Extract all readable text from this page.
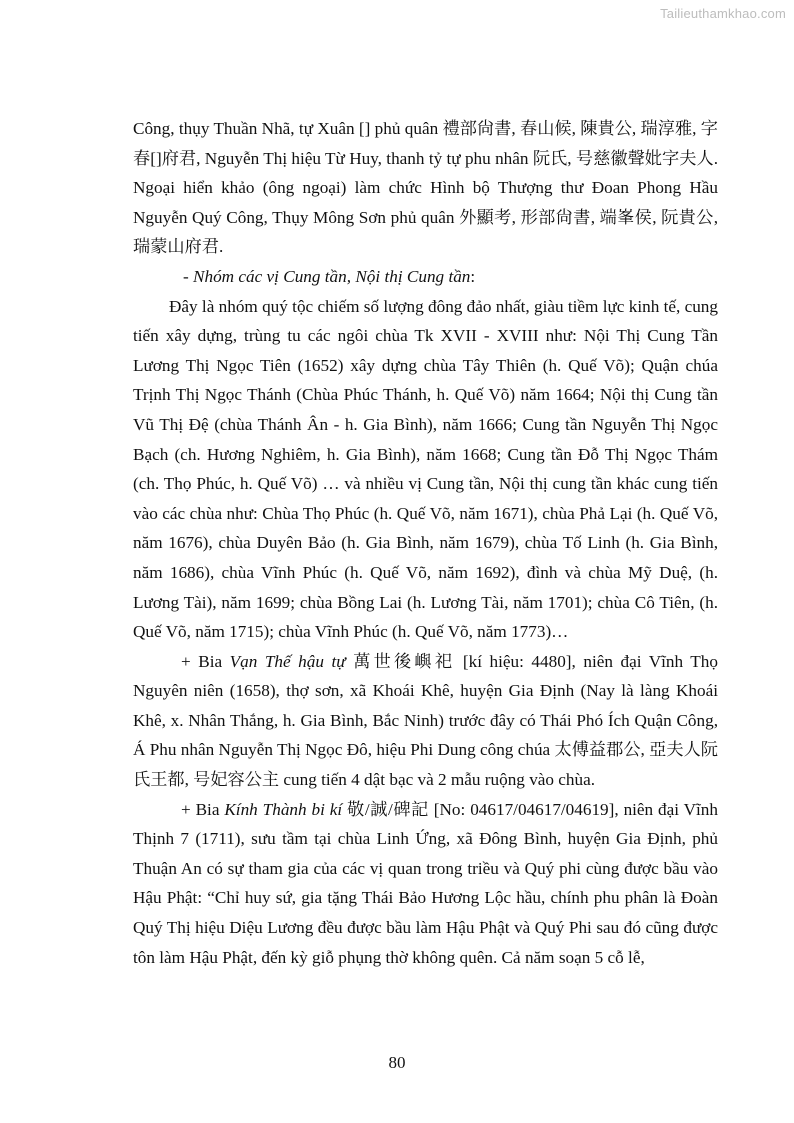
Tailieuthamkhao.com

Công, thụy Thuần Nhã, tự Xuân [] phủ quân 禮部尙書, 春山候, 陳貴公, 瑞淳雅, 字春[]府君, Nguyễn Thị hiệu Từ Huy, thanh tỷ tự phu nhân 阮氏, 号慈徽聲妣字夫人. Ngoại hiển khảo (ông ngoại) làm chức Hình bộ Thượng thư Đoan Phong Hầu Nguyễn Quý Công, Thụy Mông Sơn phủ quân 外顯考, 形部尙書, 端峯侯, 阮貴公, 瑞蒙山府君.

- Nhóm các vị Cung tần, Nội thị Cung tần:

Đây là nhóm quý tộc chiếm số lượng đông đảo nhất, giàu tiềm lực kinh tế, cung tiến xây dựng, trùng tu các ngôi chùa Tk XVII - XVIII như: Nội Thị Cung Tần Lương Thị Ngọc Tiên (1652) xây dựng chùa Tây Thiên (h. Quế Võ); Quận chúa Trịnh Thị Ngọc Thánh (Chùa Phúc Thánh, h. Quế Võ) năm 1664; Nội thị Cung tần Vũ Thị Đệ (chùa Thánh Ân - h. Gia Bình), năm 1666; Cung tần Nguyễn Thị Ngọc Bạch (ch. Hương Nghiêm, h. Gia Bình), năm 1668; Cung tần Đỗ Thị Ngọc Thám (ch. Thọ Phúc, h. Quế Võ) … và nhiều vị Cung tần, Nội thị cung tần khác cung tiến vào các chùa như: Chùa Thọ Phúc (h. Quế Võ, năm 1671), chùa Phả Lại (h. Quế Võ, năm 1676), chùa Duyên Bảo (h. Gia Bình, năm 1679), chùa Tố Linh (h. Gia Bình, năm 1686), chùa Vĩnh Phúc (h. Quế Võ, năm 1692), đình và chùa Mỹ Duệ, (h. Lương Tài), năm 1699; chùa Bồng Lai (h. Lương Tài, năm 1701); chùa Cô Tiên, (h. Quế Võ, năm 1715); chùa Vĩnh Phúc (h. Quế Võ, năm 1773)…

+ Bia Vạn Thế hậu tự 萬世後嶼祀 [kí hiệu: 4480], niên đại Vĩnh Thọ Nguyên niên (1658), thợ sơn, xã Khoái Khê, huyện Gia Định (Nay là làng Khoái Khê, x. Nhân Thắng, h. Gia Bình, Bắc Ninh) trước đây có Thái Phó Ích Quận Công, Á Phu nhân Nguyễn Thị Ngọc Đô, hiệu Phi Dung công chúa 太傅益郡公, 亞夫人阮氏王都, 号妃容公主 cung tiến 4 dật bạc và 2 mẫu ruộng vào chùa.

+ Bia Kính Thành bi kí 敬/誠/碑記 [No: 04617/04617/04619], niên đại Vĩnh Thịnh 7 (1711), sưu tầm tại chùa Linh Ứng, xã Đông Bình, huyện Gia Định, phủ Thuận An có sự tham gia của các vị quan trong triều và Quý phi cùng được bầu vào Hậu Phật: “Chỉ huy sứ, gia tặng Thái Bảo Hương Lộc hầu, chính phu phân là Đoàn Quý Thị hiệu Diệu Lương đều được bầu làm Hậu Phật và Quý Phi sau đó cũng được tôn làm Hậu Phật, đến kỳ giỗ phụng thờ không quên. Cả năm soạn 5 cỗ lễ,

80
